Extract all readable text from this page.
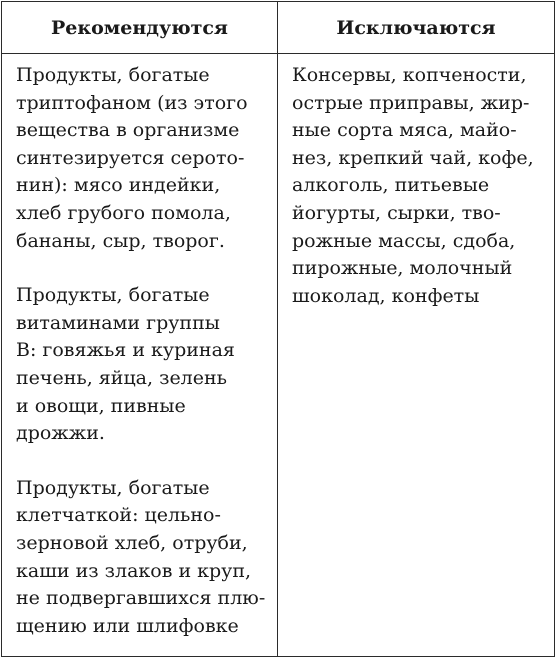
Рекомендуются	Исключаются

Продукты, богатые
триптофаном (из этого
вещества в организме
синтезируется серото-
нин): мясо индейки,
хлеб грубого помола,
бананы, сыр, творог.

Продукты, богатые
витаминами группы
В: говяжья и куриная
печень, яйца, зелень
и овощи, пивные
дрожжи.

Продукты, богатые
клетчаткой: цельно-
зерновой хлеб, отруби,
каши из злаков и круп,
не подвергавшихся плю-
щению или шлифовке

Консервы, копчености,
острые приправы, жир-
ные сорта мяса, майо-
нез, крепкий чай, кофе,
алкоголь, питьевые
йогурты, сырки, тво-
рожные массы, сдоба,
пирожные, молочный
шоколад, конфеты
